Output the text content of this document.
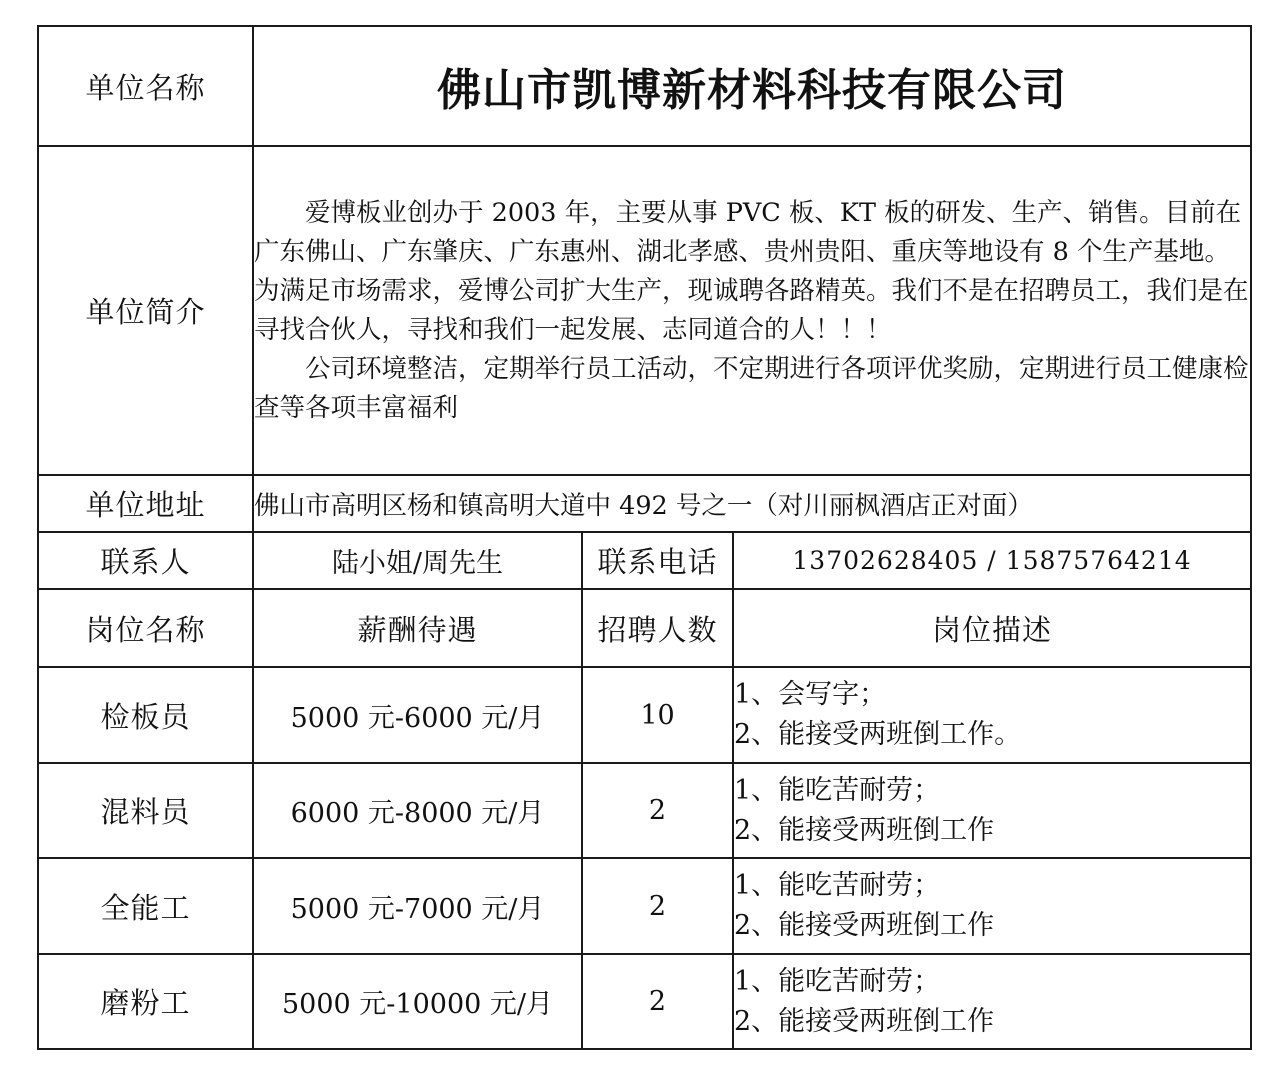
单位名称	佛山市凯博新材料科技有限公司		
单位简介	爱博板业创办于 2003 年，主要从事 PVC 板、KT 板的研发、生产、销售。目前在广东佛山、广东肇庆、广东惠州、湖北孝感、贵州贵阳、重庆等地设有 8 个生产基地。为满足市场需求，爱博公司扩大生产，现诚聘各路精英。我们不是在招聘员工，我们是在寻找合伙人，寻找和我们一起发展、志同道合的人！！！

公司环境整洁，定期举行员工活动，不定期进行各项评优奖励，定期进行员工健康检查等各项丰富福利		

单位地址	佛山市高明区杨和镇高明大道中 492 号之一（对川丽枫酒店正对面）		
联系人	陆小姐/周先生	联系电话	13702628405 / 15875764214
岗位名称	薪酬待遇	招聘人数	岗位描述
检板员	5000 元-6000 元/月	10	1、会写字；
2、能接受两班倒工作。

混料员	6000 元-8000 元/月	2	1、能吃苦耐劳；
2、能接受两班倒工作

全能工	5000 元-7000 元/月	2	1、能吃苦耐劳；
2、能接受两班倒工作

磨粉工	5000 元-10000 元/月	2	1、能吃苦耐劳；
2、能接受两班倒工作
